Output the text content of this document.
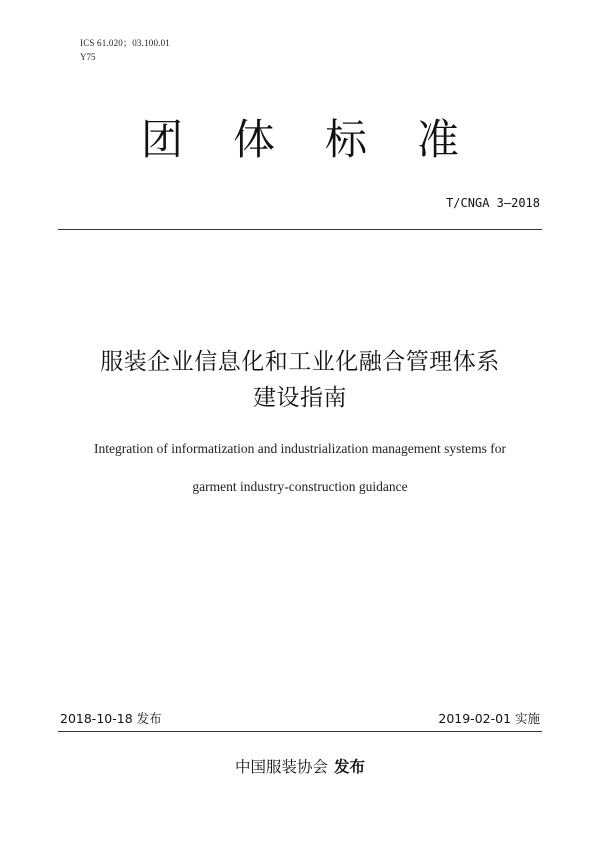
ICS 61.020；03.100.01
Y75
团 体 标 准
T/CNGA 3—2018
服装企业信息化和工业化融合管理体系
建设指南
Integration of informatization and industrialization management systems for
garment industry-construction guidance
2018-10-18 发布	2019-02-01 实施
中国服装协会 发布
